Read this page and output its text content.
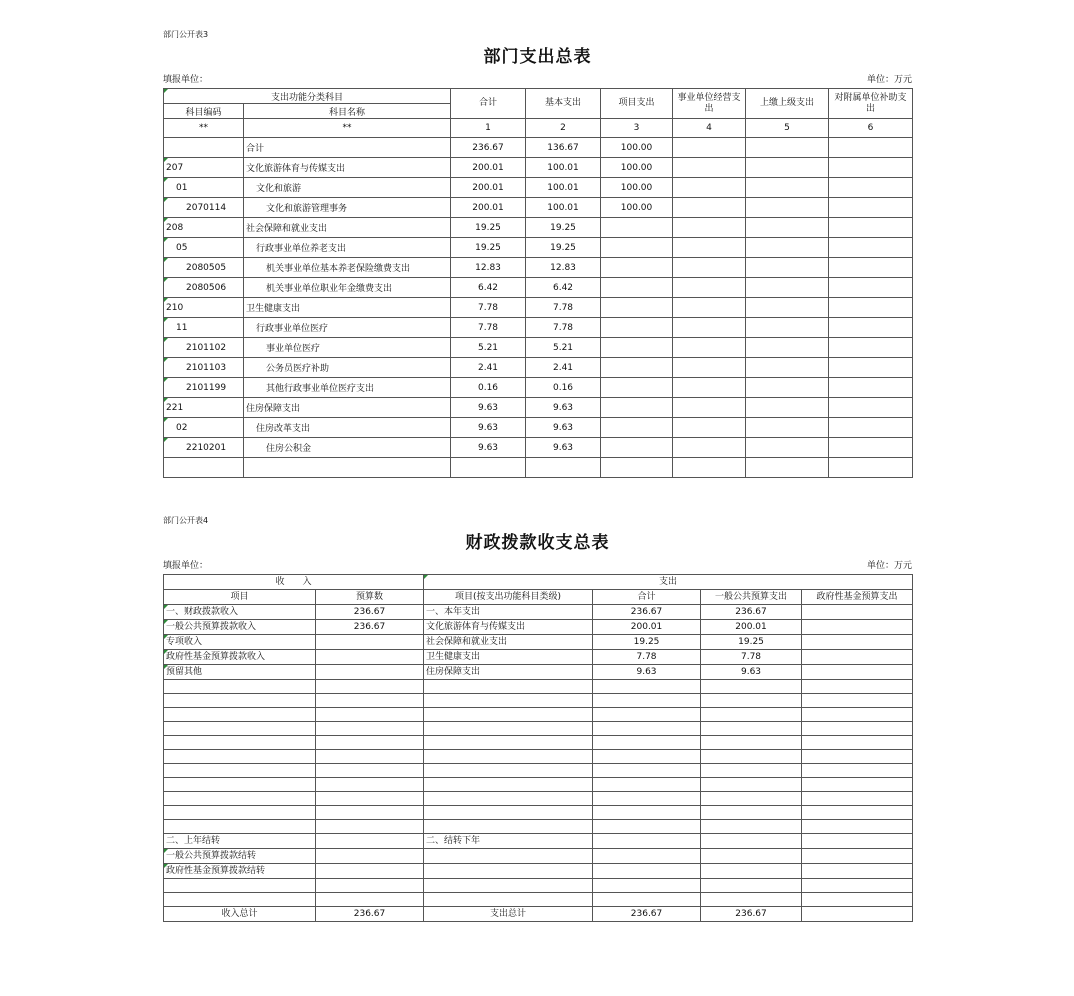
部门公开表3
部门支出总表
填报单位：	单位：万元
支出功能分类科目		合计	基本支出	项目支出	事业单位经营支出	上缴上级支出	对附属单位补助支出
科目编码	科目名称						
**	**	1	2	3	4	5	6
	合计	236.67	136.67	100.00			
207	文化旅游体育与传媒支出	200.01	100.01	100.00			
01	文化和旅游	200.01	100.01	100.00			
2070114	文化和旅游管理事务	200.01	100.01	100.00			
208	社会保障和就业支出	19.25	19.25				
05	行政事业单位养老支出	19.25	19.25				
2080505	机关事业单位基本养老保险缴费支出	12.83	12.83				
2080506	机关事业单位职业年金缴费支出	6.42	6.42				
210	卫生健康支出	7.78	7.78				
11	行政事业单位医疗	7.78	7.78				
2101102	事业单位医疗	5.21	5.21				
2101103	公务员医疗补助	2.41	2.41				
2101199	其他行政事业单位医疗支出	0.16	0.16				
221	住房保障支出	9.63	9.63				
02	住房改革支出	9.63	9.63				
2210201	住房公积金	9.63	9.63				

部门公开表4
财政拨款收支总表
填报单位：	单位：万元
收　　入		支出			
项目	预算数	项目(按支出功能科目类级)	合计	一般公共预算支出	政府性基金预算支出
一、财政拨款收入	236.67	一、本年支出	236.67	236.67	
一般公共预算拨款收入	236.67	文化旅游体育与传媒支出	200.01	200.01	
专项收入		社会保障和就业支出	19.25	19.25	
政府性基金预算拨款收入		卫生健康支出	7.78	7.78	
预留其他		住房保障支出	9.63	9.63	

二、上年结转		二、结转下年			
一般公共预算拨款结转					
政府性基金预算拨款结转					

收入总计	236.67	支出总计	236.67	236.67	
